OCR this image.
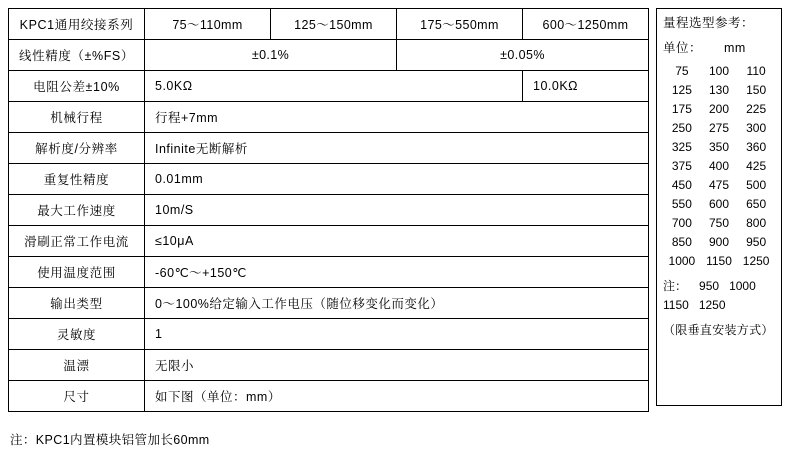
KPC1通用绞接系列	75～110mm	125～150mm	175～550mm	600～1250mm
线性精度（±%FS）	±0.1%		±0.05%	
电阻公差±10%	5.0KΩ			10.0KΩ
机械行程	行程+7mm			
解析度/分辨率	Infinite无断解析			
重复性精度	0.01mm			
最大工作速度	10m/S			
滑刷正常工作电流	≤10μA			
使用温度范围	-60℃～+150℃			
输出类型	0～100%给定输入工作电压（随位移变化而变化）			
灵敏度	1			
温漂	无限小			
尺寸	如下图（单位：mm）			
量程选型参考：
单位： mm
75	100	110
125	130	150
175	200	225
250	275	300
325	350	360
375	400	425
450	475	500
550	600	650
700	750	800
850	900	950
1000	1150	1250
注： 950 1000
1150 1250
（限垂直安装方式）
注：KPC1内置模块铝管加长60mm
